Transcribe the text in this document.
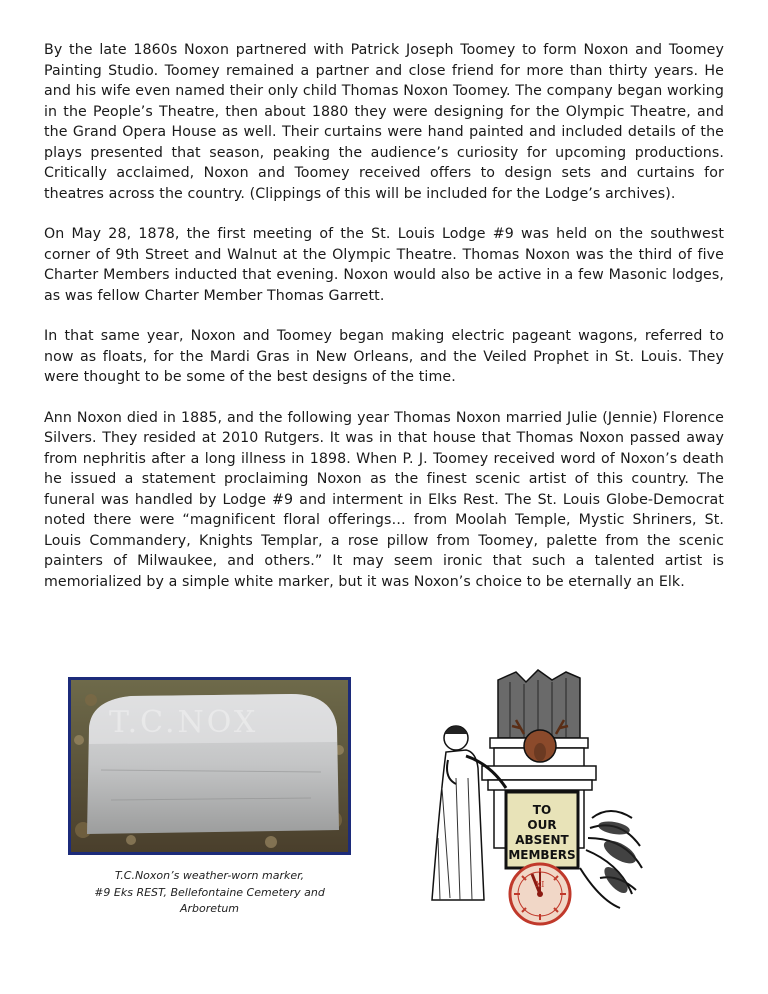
By the late 1860s Noxon partnered with Patrick Joseph Toomey to form Noxon and Toomey Painting Studio. Toomey remained a partner and close friend for more than thirty years. He and his wife even named their only child Thomas Noxon Toomey. The company began working in the People’s Theatre, then about 1880 they were designing for the Olympic Theatre, and the Grand Opera House as well. Their curtains were hand painted and included details of the plays presented that season, peaking the audience’s curiosity for upcoming productions. Critically acclaimed, Noxon and Toomey received offers to design sets and curtains for theatres across the country. (Clippings of this will be included for the Lodge’s archives).

On May 28, 1878, the first meeting of the St. Louis Lodge #9 was held on the southwest corner of 9th Street and Walnut at the Olympic Theatre. Thomas Noxon was the third of five Charter Members inducted that evening. Noxon would also be active in a few Masonic lodges, as was fellow Charter Member Thomas Garrett.

In that same year, Noxon and Toomey began making electric pageant wagons, referred to now as floats, for the Mardi Gras in New Orleans, and the Veiled Prophet in St. Louis. They were thought to be some of the best designs of the time.

Ann Noxon died in 1885, and the following year Thomas Noxon married Julie (Jennie) Florence Silvers. They resided at 2010 Rutgers. It was in that house that Thomas Noxon passed away from nephritis after a long illness in 1898. When P. J. Toomey received word of Noxon’s death he issued a statement proclaiming Noxon as the finest scenic artist of this country. The funeral was handled by Lodge #9 and interment in Elks Rest. The St. Louis Globe-Democrat noted there were “magnificent floral offerings… from Moolah Temple, Mystic Shriners, St. Louis Commandery, Knights Templar, a rose pillow from Toomey, palette from the scenic painters of Milwaukee, and others.” It may seem ironic that such a talented artist is memorialized by a simple white marker, but it was Noxon’s choice to be eternally an Elk.

T.C.NOX
T.C.Noxon’s weather-worn marker,
#9 Eks REST, Bellefontaine Cemetery and
Arboretum
TO
OUR
ABSENT
MEMBERS
XI
